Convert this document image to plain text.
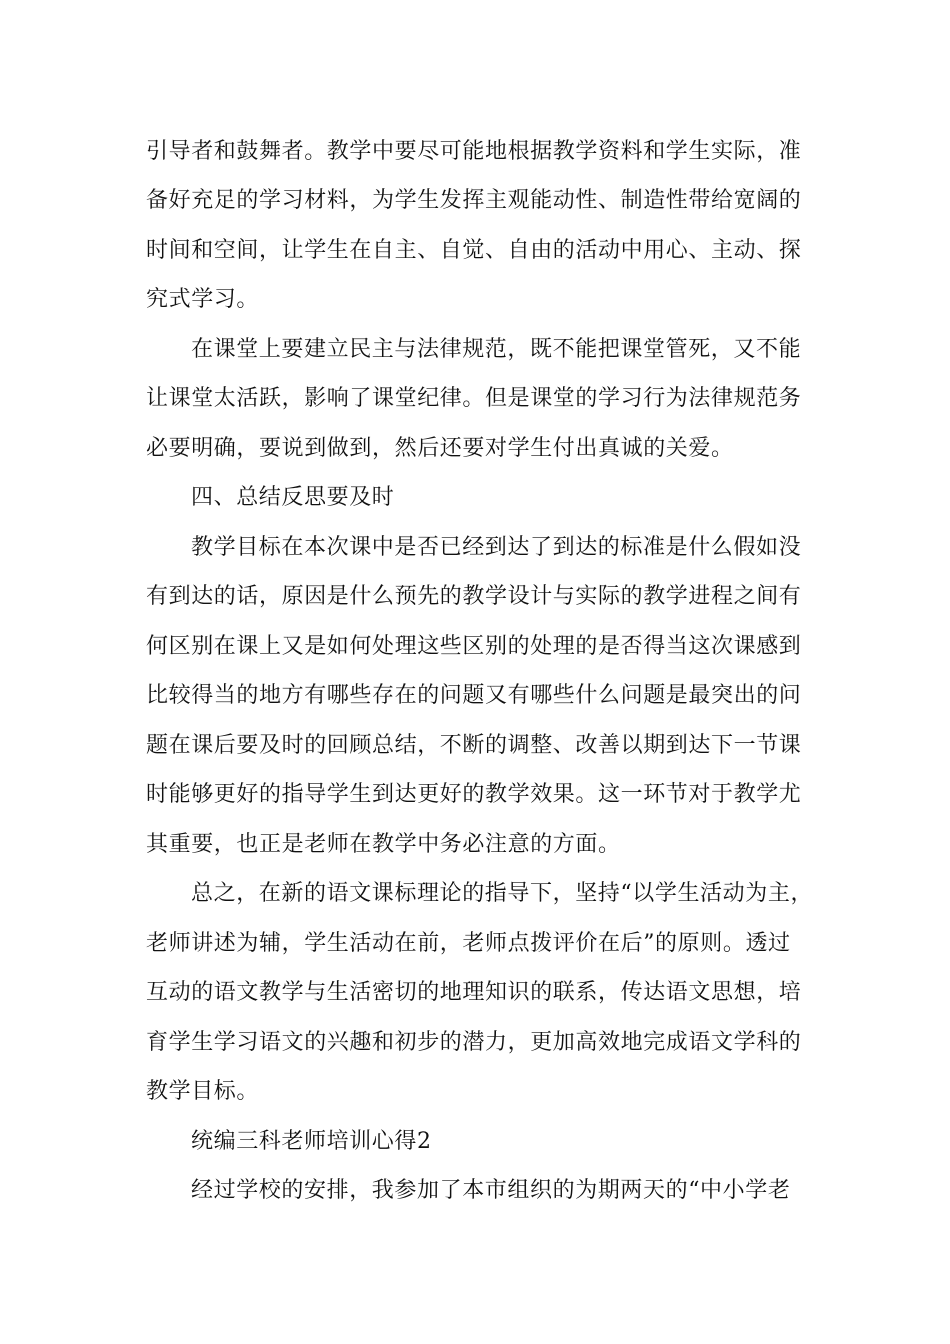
引导者和鼓舞者。教学中要尽可能地根据教学资料和学生实际，准
备好充足的学习材料，为学生发挥主观能动性、制造性带给宽阔的
时间和空间，让学生在自主、自觉、自由的活动中用心、主动、探
究式学习。
在课堂上要建立民主与法律规范，既不能把课堂管死，又不能
让课堂太活跃，影响了课堂纪律。但是课堂的学习行为法律规范务
必要明确，要说到做到，然后还要对学生付出真诚的关爱。
四、总结反思要及时
教学目标在本次课中是否已经到达了到达的标准是什么假如没
有到达的话，原因是什么预先的教学设计与实际的教学进程之间有
何区别在课上又是如何处理这些区别的处理的是否得当这次课感到
比较得当的地方有哪些存在的问题又有哪些什么问题是最突出的问
题在课后要及时的回顾总结，不断的调整、改善以期到达下一节课
时能够更好的指导学生到达更好的教学效果。这一环节对于教学尤
其重要，也正是老师在教学中务必注意的方面。
总之，在新的语文课标理论的指导下，坚持“以学生活动为主，
老师讲述为辅，学生活动在前，老师点拨评价在后”的原则。透过
互动的语文教学与生活密切的地理知识的联系，传达语文思想，培
育学生学习语文的兴趣和初步的潜力，更加高效地完成语文学科的
教学目标。
统编三科老师培训心得2
经过学校的安排，我参加了本市组织的为期两天的“中小学老
